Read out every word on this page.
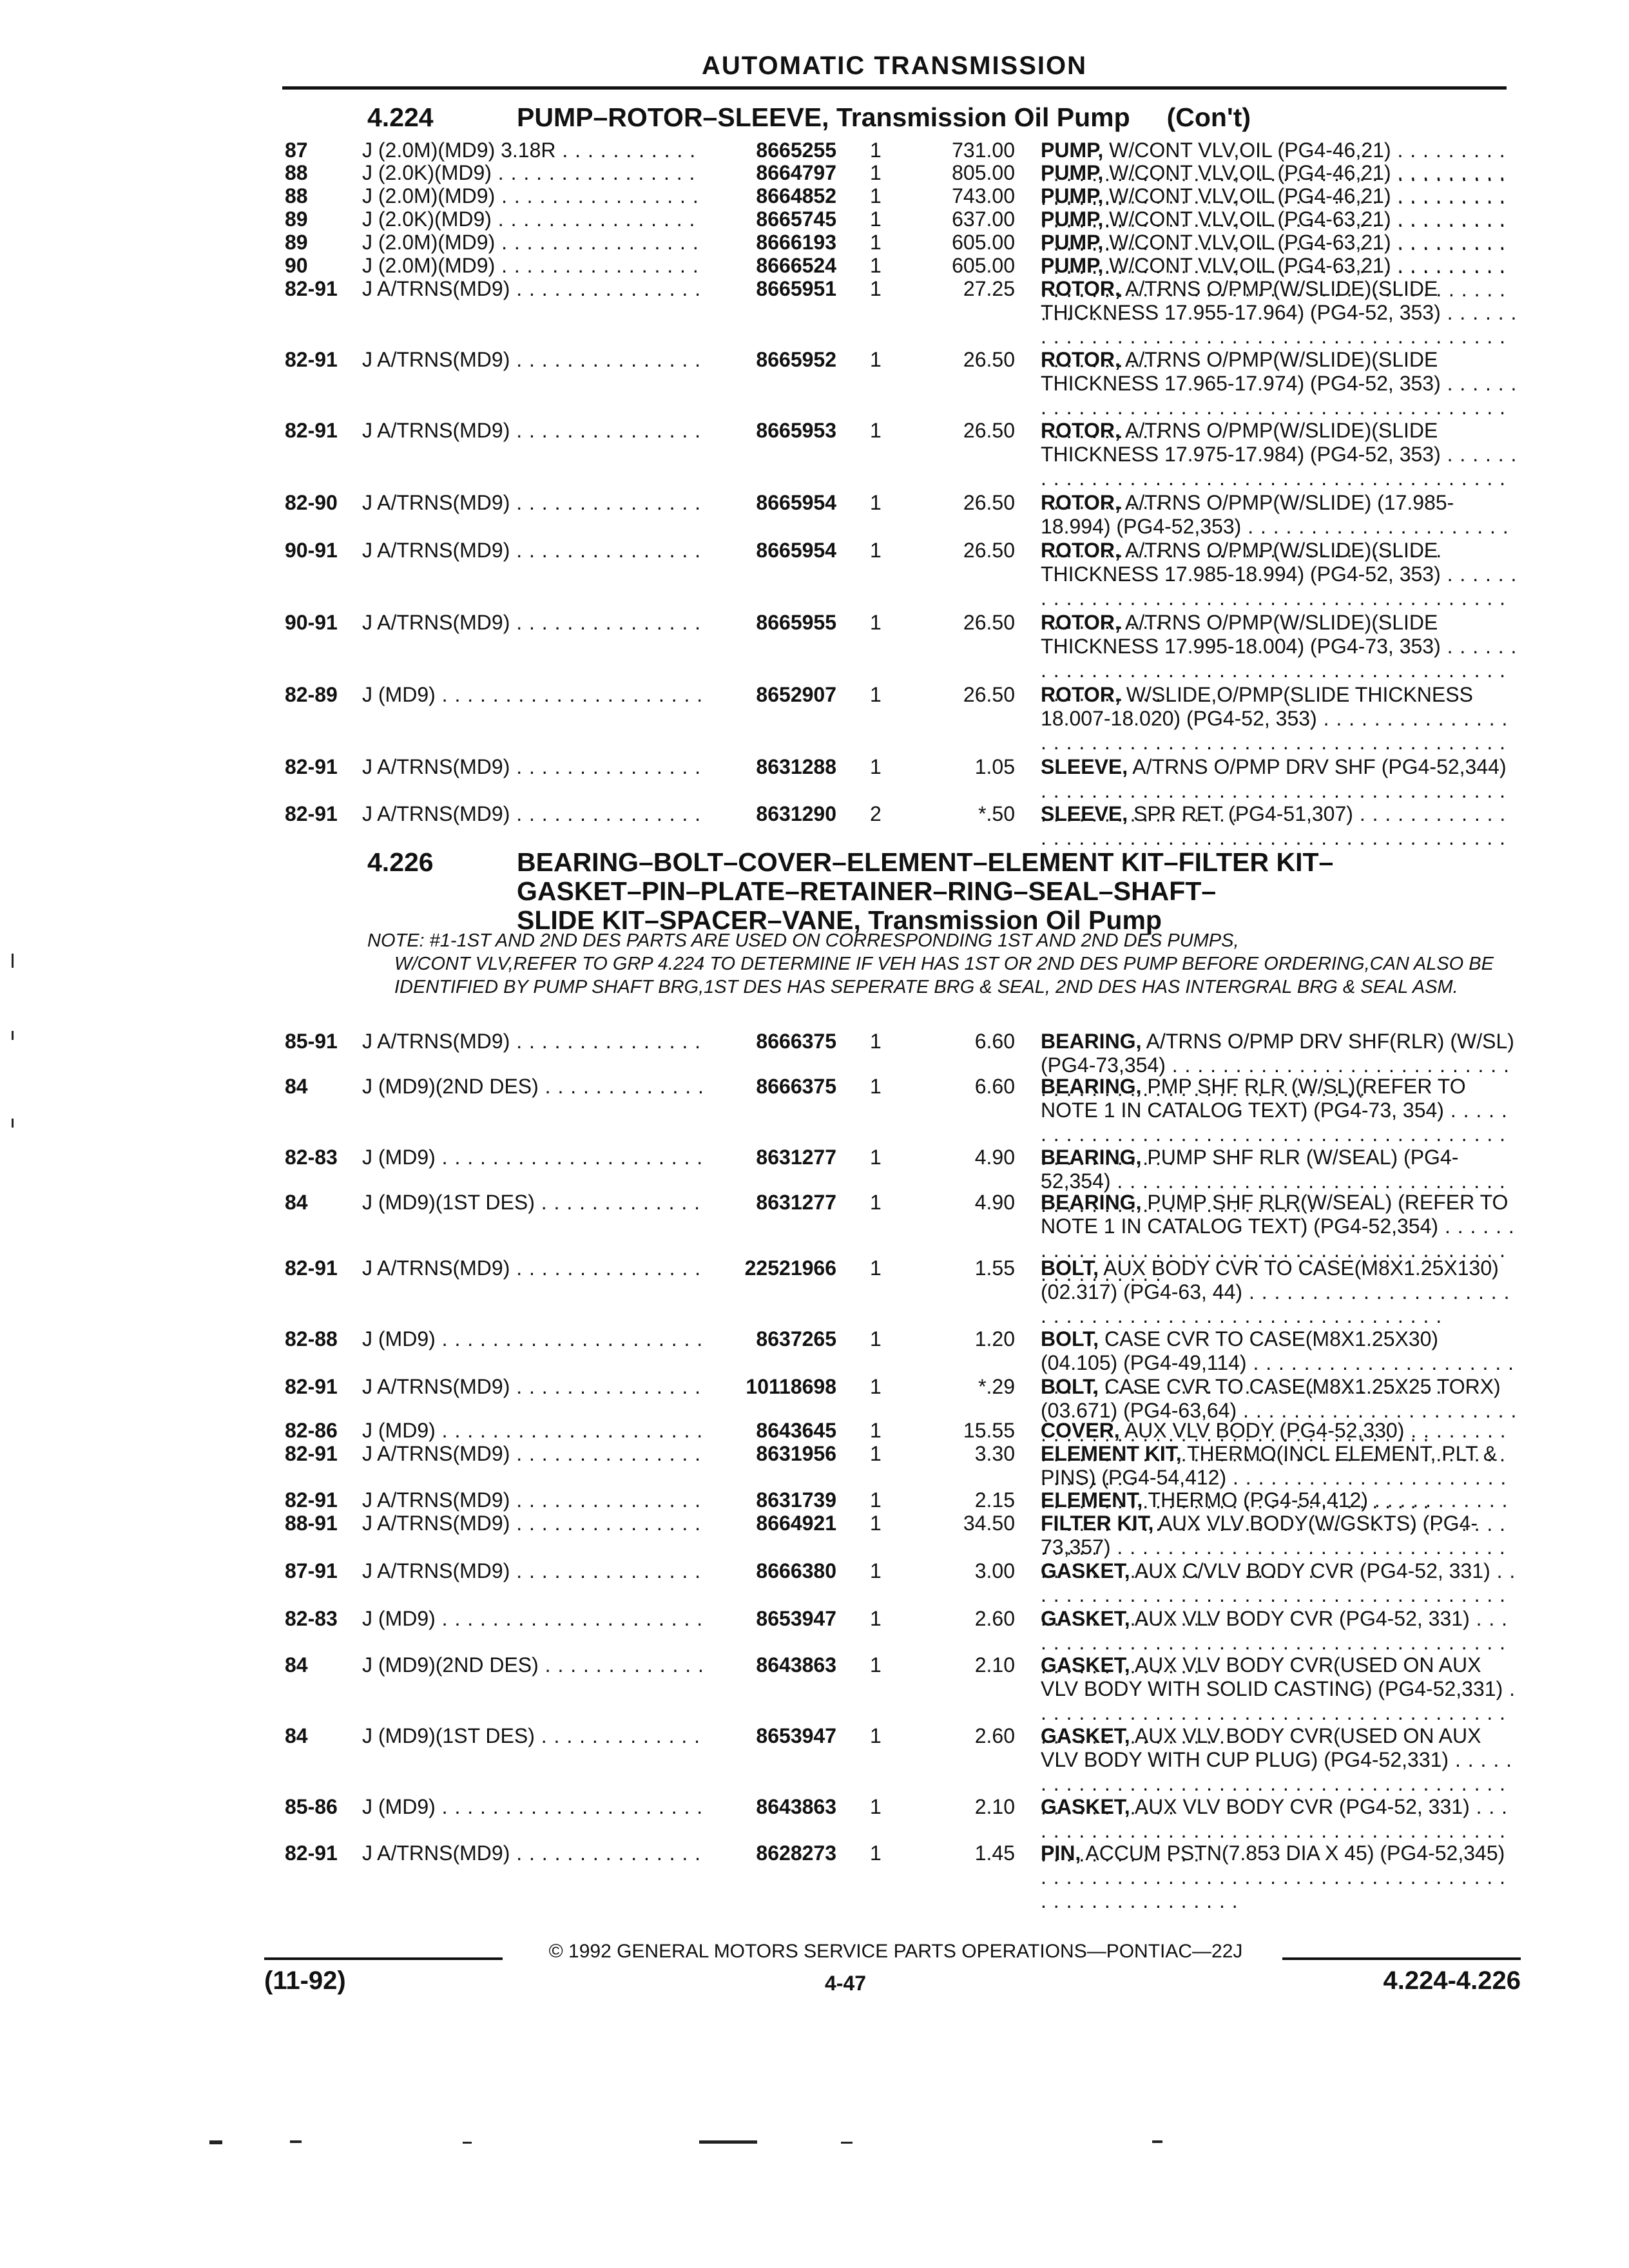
AUTOMATIC TRANSMISSION
4.224	PUMP–ROTOR–SLEEVE, Transmission Oil Pump (Con't)
87	J (2.0M)(MD9) 3.18R . . .	8665255 1	731.00 PUMP, W/CONT VLV,OIL (PG4-46,21) . . .
88	J (2.0K)(MD9) . . .	8664797 1	805.00 PUMP, W/CONT VLV,OIL (PG4-46,21) . . .
88	J (2.0M)(MD9) . . .	8664852 1	743.00 PUMP, W/CONT VLV,OIL (PG4-46,21) . . .
89	J (2.0K)(MD9) . . .	8665745 1	637.00 PUMP, W/CONT VLV,OIL (PG4-63,21) . . .
89	J (2.0M)(MD9) . . .	8666193 1	605.00 PUMP, W/CONT VLV,OIL (PG4-63,21) . . .
90	J (2.0M)(MD9) . . .	8666524 1	605.00 PUMP, W/CONT VLV,OIL (PG4-63,21) . . .
82-91 J A/TRNS(MD9) . . .	8665951 1	27.25 ROTOR, A/TRNS O/PMP(W/SLIDE)(SLIDE THICKNESS 17.955-17.964) (PG4-52, 353) . . .
82-91 J A/TRNS(MD9) . . .	8665952 1	26.50 ROTOR, A/TRNS O/PMP(W/SLIDE)(SLIDE THICKNESS 17.965-17.974) (PG4-52, 353) . . .
82-91 J A/TRNS(MD9) . . .	8665953 1	26.50 ROTOR, A/TRNS O/PMP(W/SLIDE)(SLIDE THICKNESS 17.975-17.984) (PG4-52, 353) . . .
82-90 J A/TRNS(MD9) . . .	8665954 1	26.50 ROTOR, A/TRNS O/PMP(W/SLIDE) (17.985-18.994) (PG4-52,353) . . .
90-91 J A/TRNS(MD9) . . .	8665954 1	26.50 ROTOR, A/TRNS O/PMP(W/SLIDE)(SLIDE THICKNESS 17.985-18.994) (PG4-52, 353) . . .
90-91 J A/TRNS(MD9) . . .	8665955 1	26.50 ROTOR, A/TRNS O/PMP(W/SLIDE)(SLIDE THICKNESS 17.995-18.004) (PG4-73, 353) . . .
82-89 J (MD9) . . .	8652907 1	26.50 ROTOR, W/SLIDE,O/PMP(SLIDE THICKNESS 18.007-18.020) (PG4-52, 353) . . .
82-91 J A/TRNS(MD9) . . .	8631288 1	1.05 SLEEVE, A/TRNS O/PMP DRV SHF (PG4-52,344) . . .
82-91 J A/TRNS(MD9) . . .	8631290 2	*.50 SLEEVE, SPR RET (PG4-51,307) . . .
4.226	BEARING–BOLT–COVER–ELEMENT–ELEMENT KIT–FILTER KIT–
GASKET–PIN–PLATE–RETAINER–RING–SEAL–SHAFT–
SLIDE KIT–SPACER–VANE, Transmission Oil Pump
NOTE: #1-1ST AND 2ND DES PARTS ARE USED ON CORRESPONDING 1ST AND 2ND DES PUMPS,
W/CONT VLV,REFER TO GRP 4.224 TO DETERMINE IF VEH HAS 1ST OR 2ND DES PUMP BEFORE ORDERING,CAN ALSO BE IDENTIFIED BY PUMP SHAFT BRG,1ST DES HAS SEPERATE BRG & SEAL, 2ND DES HAS INTERGRAL BRG & SEAL ASM.
85-91 J A/TRNS(MD9) . . .	8666375 1	6.60 BEARING, A/TRNS O/PMP DRV SHF(RLR) (W/SL) (PG4-73,354) . . .
84	J (MD9)(2ND DES) . . .	8666375 1	6.60 BEARING, PMP SHF RLR (W/SL)(REFER TO NOTE 1 IN CATALOG TEXT) (PG4-73, 354) . . .
82-83 J (MD9) . . .	8631277 1	4.90 BEARING, PUMP SHF RLR (W/SEAL) (PG4-52,354) . . .
84	J (MD9)(1ST DES) . . .	8631277 1	4.90 BEARING, PUMP SHF RLR(W/SEAL) (REFER TO NOTE 1 IN CATALOG TEXT) (PG4-52,354) . . .
82-91 J A/TRNS(MD9) . . .	22521966 1	1.55 BOLT, AUX BODY CVR TO CASE(M8X1.25X130)(02.317) (PG4-63, 44) . . .
82-88 J (MD9) . . .	8637265 1	1.20 BOLT, CASE CVR TO CASE(M8X1.25X30) (04.105) (PG4-49,114) . . .
82-91 J A/TRNS(MD9) . . .	10118698 1	*.29 BOLT, CASE CVR TO CASE(M8X1.25X25 TORX)(03.671) (PG4-63,64) . . .
82-86 J (MD9) . . .	8643645 1	15.55 COVER, AUX VLV BODY (PG4-52,330) . . .
82-91 J A/TRNS(MD9) . . .	8631956 1	3.30 ELEMENT KIT, THERMO(INCL ELEMENT, PLT & PINS) (PG4-54,412) . . .
82-91 J A/TRNS(MD9) . . .	8631739 1	2.15 ELEMENT, THERMO (PG4-54,412) . . .
88-91 J A/TRNS(MD9) . . .	8664921 1	34.50 FILTER KIT, AUX VLV BODY(W/GSKTS) (PG4-73,357) . . .
87-91 J A/TRNS(MD9) . . .	8666380 1	3.00 GASKET, AUX C/VLV BODY CVR (PG4-52, 331) . . .
82-83 J (MD9) . . .	8653947 1	2.60 GASKET, AUX VLV BODY CVR (PG4-52, 331) . . .
84	J (MD9)(2ND DES) . . .	8643863 1	2.10 GASKET, AUX VLV BODY CVR(USED ON AUX VLV BODY WITH SOLID CASTING) (PG4-52,331) . . .
84	J (MD9)(1ST DES) . . .	8653947 1	2.60 GASKET, AUX VLV BODY CVR(USED ON AUX VLV BODY WITH CUP PLUG) (PG4-52,331) . . .
85-86 J (MD9) . . .	8643863 1	2.10 GASKET, AUX VLV BODY CVR (PG4-52, 331) . . .
82-91 J A/TRNS(MD9) . . .	8628273 1	1.45 PIN, ACCUM PSTN(7.853 DIA X 45) (PG4-52,345) . . .
© 1992 GENERAL MOTORS SERVICE PARTS OPERATIONS—PONTIAC—22J
(11-92)	4-47	4.224-4.226
